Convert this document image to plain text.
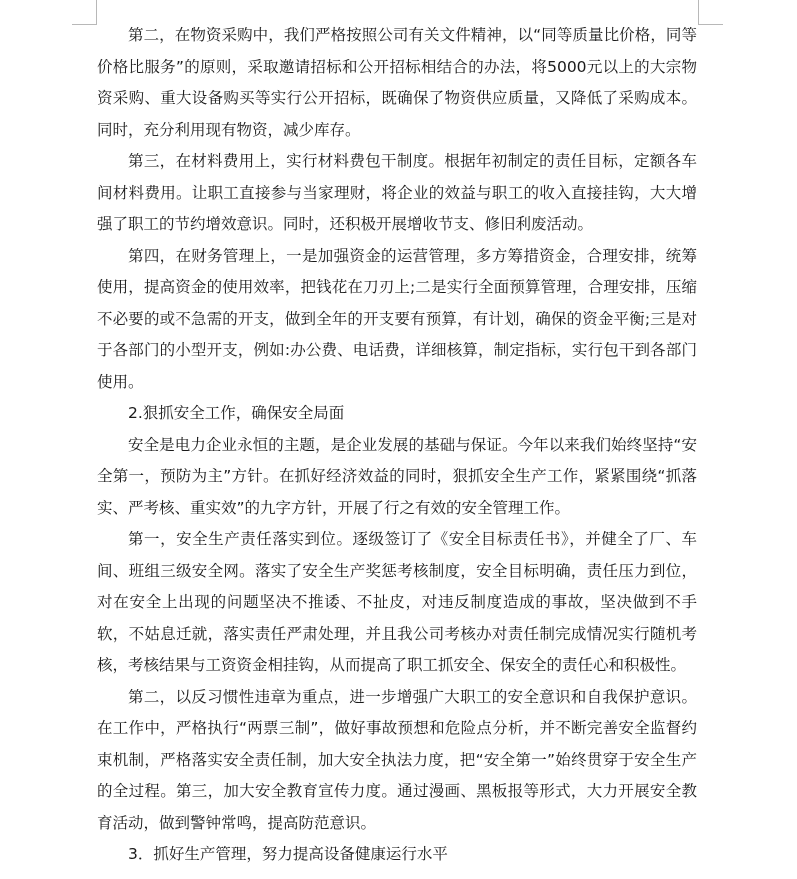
第二，在物资采购中，我们严格按照公司有关文件精神，以“同等质量比价格，同等价格比服务”的原则，采取邀请招标和公开招标相结合的办法，将5000元以上的大宗物资采购、重大设备购买等实行公开招标，既确保了物资供应质量，又降低了采购成本。同时，充分利用现有物资，减少库存。

第三，在材料费用上，实行材料费包干制度。根据年初制定的责任目标，定额各车间材料费用。让职工直接参与当家理财，将企业的效益与职工的收入直接挂钩，大大增强了职工的节约增效意识。同时，还积极开展增收节支、修旧利废活动。

第四，在财务管理上，一是加强资金的运营管理，多方筹措资金，合理安排，统筹使用，提高资金的使用效率，把钱花在刀刃上;二是实行全面预算管理，合理安排，压缩不必要的或不急需的开支，做到全年的开支要有预算，有计划，确保的资金平衡;三是对于各部门的小型开支，例如:办公费、电话费，详细核算，制定指标，实行包干到各部门使用。

2.狠抓安全工作，确保安全局面

安全是电力企业永恒的主题，是企业发展的基础与保证。今年以来我们始终坚持“安全第一，预防为主”方针。在抓好经济效益的同时，狠抓安全生产工作，紧紧围绕“抓落实、严考核、重实效”的九字方针，开展了行之有效的安全管理工作。

第一，安全生产责任落实到位。逐级签订了《安全目标责任书》，并健全了厂、车间、班组三级安全网。落实了安全生产奖惩考核制度，安全目标明确，责任压力到位，对在安全上出现的问题坚决不推诿、不扯皮，对违反制度造成的事故，坚决做到不手软，不姑息迁就，落实责任严肃处理，并且我公司考核办对责任制完成情况实行随机考核，考核结果与工资资金相挂钩，从而提高了职工抓安全、保安全的责任心和积极性。

第二，以反习惯性违章为重点，进一步增强广大职工的安全意识和自我保护意识。在工作中，严格执行“两票三制”，做好事故预想和危险点分析，并不断完善安全监督约束机制，严格落实安全责任制，加大安全执法力度，把“安全第一”始终贯穿于安全生产的全过程。第三，加大安全教育宣传力度。通过漫画、黑板报等形式，大力开展安全教育活动，做到警钟常鸣，提高防范意识。

3．抓好生产管理，努力提高设备健康运行水平
